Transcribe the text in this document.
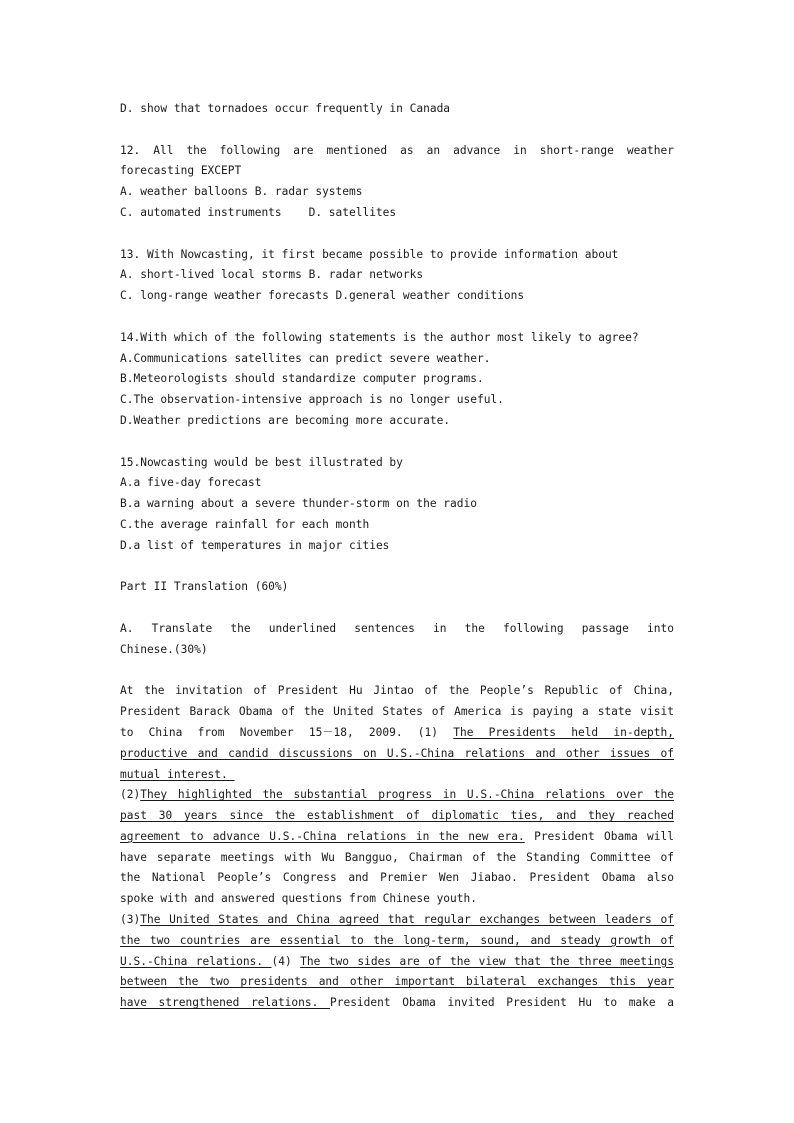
D. show that tornadoes occur frequently in Canada
12. All the following are mentioned as an advance in short-range weather
forecasting EXCEPT
A. weather balloons B. radar systems
C. automated instruments    D. satellites
13. With Nowcasting, it first became possible to provide information about
A. short-lived local storms B. radar networks
C. long-range weather forecasts D.general weather conditions
14.With which of the following statements is the author most likely to agree?
A.Communications satellites can predict severe weather.
B.Meteorologists should standardize computer programs.
C.The observation-intensive approach is no longer useful.
D.Weather predictions are becoming more accurate.
15.Nowcasting would be best illustrated by
A.a five-day forecast
B.a warning about a severe thunder-storm on the radio
C.the average rainfall for each month
D.a list of temperatures in major cities
Part II Translation (60%)
A. Translate the underlined sentences in the following passage into
Chinese.(30%)
At the invitation of President Hu Jintao of the People’s Republic of China,
President Barack Obama of the United States of America is paying a state visit
to China from November 15－18, 2009. (1) The Presidents held in-depth,
productive and candid discussions on U.S.-China relations and other issues of
mutual interest.
(2)They highlighted the substantial progress in U.S.-China relations over the
past 30 years since the establishment of diplomatic ties, and they reached
agreement to advance U.S.-China relations in the new era. President Obama will
have separate meetings with Wu Bangguo, Chairman of the Standing Committee of
the National People’s Congress and Premier Wen Jiabao. President Obama also
spoke with and answered questions from Chinese youth.
(3)The United States and China agreed that regular exchanges between leaders of
the two countries are essential to the long-term, sound, and steady growth of
U.S.-China relations. (4) The two sides are of the view that the three meetings
between the two presidents and other important bilateral exchanges this year
have strengthened relations. President Obama invited President Hu to make a
